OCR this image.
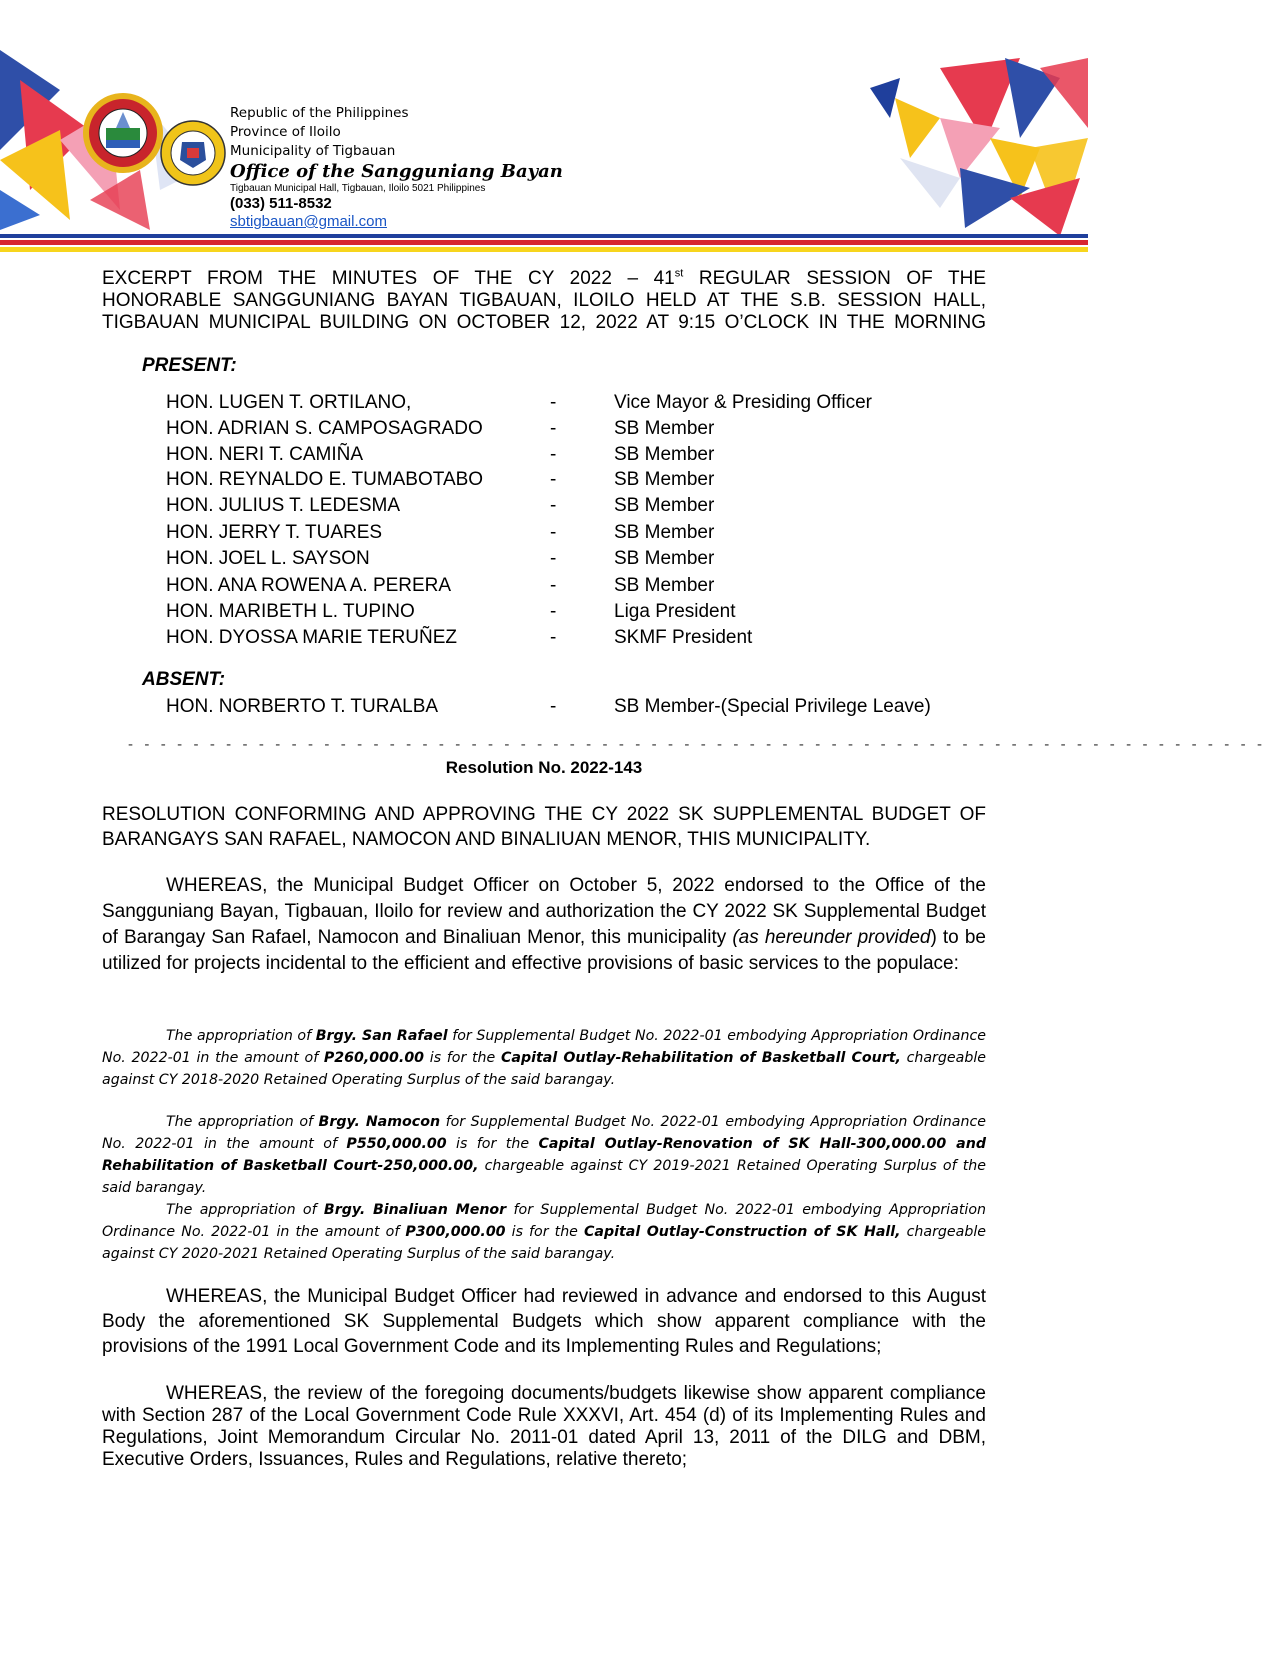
Republic of the Philippines
Province of Iloilo
Municipality of Tigbauan
Office of the Sangguniang Bayan
Tigbauan Municipal Hall, Tigbauan, Iloilo 5021 Philippines
(033) 511-8532
sbtigbauan@gmail.com
EXCERPT FROM THE MINUTES OF THE CY 2022 – 41st REGULAR SESSION OF THE
HONORABLE SANGGUNIANG BAYAN TIGBAUAN, ILOILO HELD AT THE S.B. SESSION HALL,
TIGBAUAN MUNICIPAL BUILDING ON OCTOBER 12, 2022 AT 9:15 O’CLOCK IN THE MORNING
PRESENT:
HON. LUGEN T. ORTILANO,	-	Vice Mayor & Presiding Officer
HON. ADRIAN S. CAMPOSAGRADO	-	SB Member
HON. NERI T. CAMIÑA	-	SB Member
HON. REYNALDO E. TUMABOTABO	-	SB Member
HON. JULIUS T. LEDESMA	-	SB Member
HON. JERRY T. TUARES	-	SB Member
HON. JOEL L. SAYSON	-	SB Member
HON. ANA ROWENA A. PERERA	-	SB Member
HON. MARIBETH L. TUPINO	-	Liga President
HON. DYOSSA MARIE TERUÑEZ	-	SKMF President
ABSENT:
HON. NORBERTO T. TURALBA	-	SB Member-(Special Privilege Leave)
- - - - - - - - - - - - - - - - - - - - - - - - - - - - - - - - - - - - - - - - - - - - - - - - - - - - - - - - - - - - - - - - - - - - - -
Resolution No. 2022-143
RESOLUTION CONFORMING AND APPROVING THE CY 2022 SK SUPPLEMENTAL BUDGET OF BARANGAYS SAN RAFAEL, NAMOCON AND BINALIUAN MENOR, THIS MUNICIPALITY.
WHEREAS, the Municipal Budget Officer on October 5, 2022 endorsed to the Office of the Sangguniang Bayan, Tigbauan, Iloilo for review and authorization the CY 2022 SK Supplemental Budget of Barangay San Rafael, Namocon and Binaliuan Menor, this municipality (as hereunder provided) to be utilized for projects incidental to the efficient and effective provisions of basic services to the populace:
The appropriation of Brgy. San Rafael for Supplemental Budget No. 2022-01 embodying Appropriation Ordinance No. 2022-01 in the amount of P260,000.00 is for the Capital Outlay-Rehabilitation of Basketball Court, chargeable against CY 2018-2020 Retained Operating Surplus of the said barangay.
The appropriation of Brgy. Namocon for Supplemental Budget No. 2022-01 embodying Appropriation Ordinance No. 2022-01 in the amount of P550,000.00 is for the Capital Outlay-Renovation of SK Hall-300,000.00 and Rehabilitation of Basketball Court-250,000.00, chargeable against CY 2019-2021 Retained Operating Surplus of the said barangay.
The appropriation of Brgy. Binaliuan Menor for Supplemental Budget No. 2022-01 embodying Appropriation Ordinance No. 2022-01 in the amount of P300,000.00 is for the Capital Outlay-Construction of SK Hall, chargeable against CY 2020-2021 Retained Operating Surplus of the said barangay.
WHEREAS, the Municipal Budget Officer had reviewed in advance and endorsed to this August Body the aforementioned SK Supplemental Budgets which show apparent compliance with the provisions of the 1991 Local Government Code and its Implementing Rules and Regulations;
WHEREAS, the review of the foregoing documents/budgets likewise show apparent compliance with Section 287 of the Local Government Code Rule XXXVI, Art. 454 (d) of its Implementing Rules and Regulations, Joint Memorandum Circular No. 2011-01 dated April 13, 2011 of the DILG and DBM, Executive Orders, Issuances, Rules and Regulations, relative thereto;
